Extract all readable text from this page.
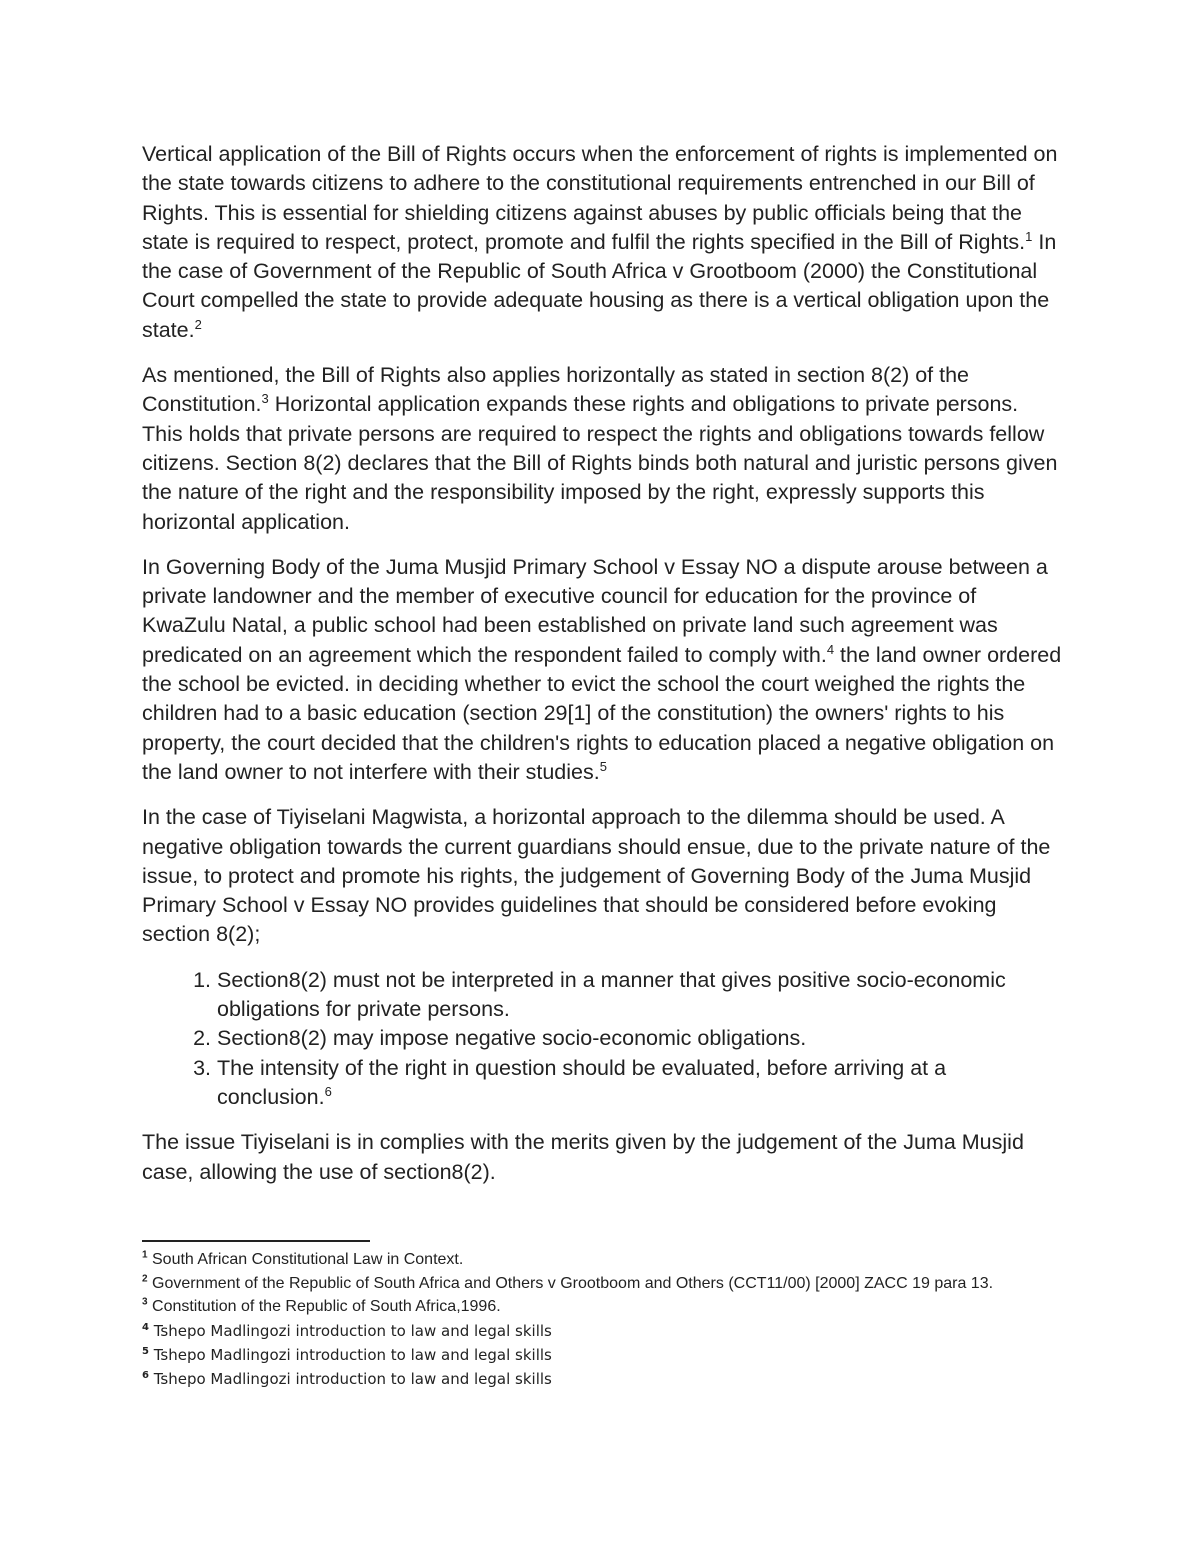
Vertical application of the Bill of Rights occurs when the enforcement of rights is implemented on the state towards citizens to adhere to the constitutional requirements entrenched in our Bill of Rights. This is essential for shielding citizens against abuses by public officials being that the state is required to respect, protect, promote and fulfil the rights specified in the Bill of Rights.$^1$ In the case of Government of the Republic of South Africa v Grootboom (2000) the Constitutional Court compelled the state to provide adequate housing as there is a vertical obligation upon the state.$^2$

As mentioned, the Bill of Rights also applies horizontally as stated in section 8(2) of the Constitution.$^3$ Horizontal application expands these rights and obligations to private persons. This holds that private persons are required to respect the rights and obligations towards fellow citizens. Section 8(2) declares that the Bill of Rights binds both natural and juristic persons given the nature of the right and the responsibility imposed by the right, expressly supports this horizontal application.

In Governing Body of the Juma Musjid Primary School v Essay NO a dispute arouse between a private landowner and the member of executive council for education for the province of KwaZulu Natal, a public school had been established on private land such agreement was predicated on an agreement which the respondent failed to comply with.$^4$ the land owner ordered the school be evicted. in deciding whether to evict the school the court weighed the rights the children had to a basic education (section 29[1] of the constitution) the owners' rights to his property, the court decided that the children's rights to education placed a negative obligation on the land owner to not interfere with their studies.$^5$

In the case of Tiyiselani Magwista, a horizontal approach to the dilemma should be used. A negative obligation towards the current guardians should ensue, due to the private nature of the issue, to protect and promote his rights, the judgement of Governing Body of the Juma Musjid Primary School v Essay NO provides guidelines that should be considered before evoking section 8(2);

1. Section8(2) must not be interpreted in a manner that gives positive socio-economic obligations for private persons.
2. Section8(2) may impose negative socio-economic obligations.
3. The intensity of the right in question should be evaluated, before arriving at a conclusion.$^6$

The issue Tiyiselani is in complies with the merits given by the judgement of the Juma Musjid case, allowing the use of section8(2).

$^1$ South African Constitutional Law in Context.

$^2$ Government of the Republic of South Africa and Others v Grootboom and Others (CCT11/00) [2000] ZACC 19 para 13.

$^3$ Constitution of the Republic of South Africa,1996.

$^4$ Tshepo Madlingozi introduction to law and legal skills

$^5$ Tshepo Madlingozi introduction to law and legal skills

$^6$ Tshepo Madlingozi introduction to law and legal skills
